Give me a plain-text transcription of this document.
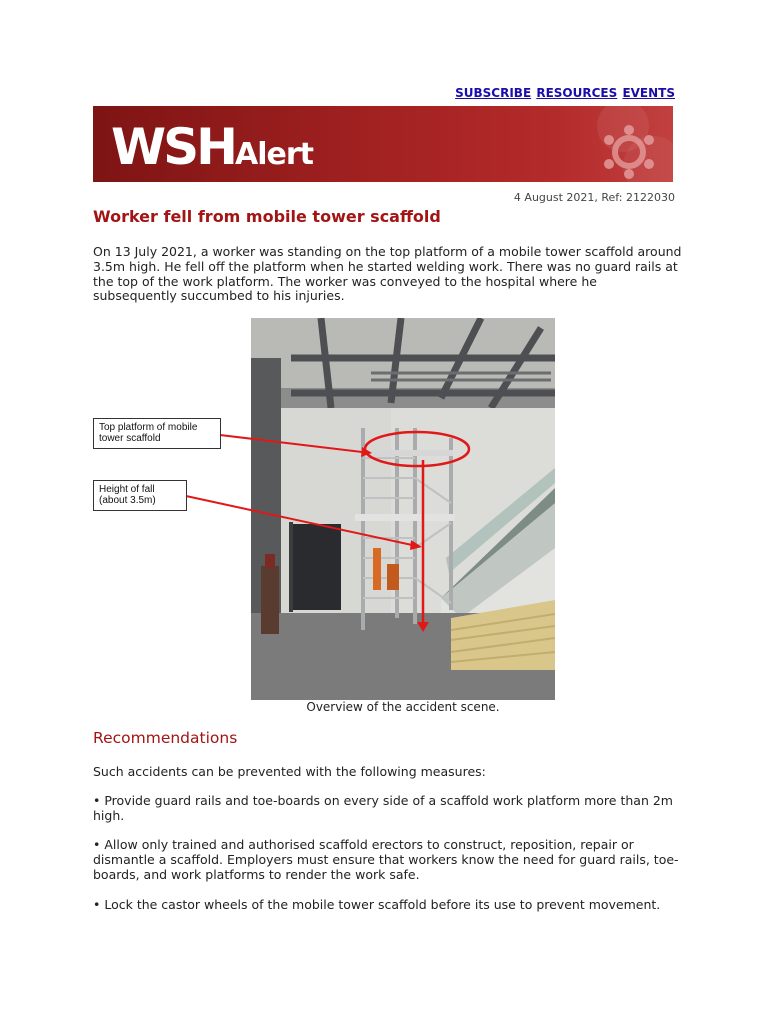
SUBSCRIBE RESOURCES EVENTS
WSHAlert
4 August 2021, Ref: 2122030
Worker fell from mobile tower scaffold

On 13 July 2021, a worker was standing on the top platform of a mobile tower scaffold around 3.5m high. He fell off the platform when he started welding work. There was no guard rails at the top of the work platform. The worker was conveyed to the hospital where he subsequently succumbed to his injuries.

Top platform of mobile tower scaffold
Height of fall (about 3.5m)
Overview of the accident scene.
Recommendations

Such accidents can be prevented with the following measures:

• Provide guard rails and toe-boards on every side of a scaffold work platform more than 2m high.

• Allow only trained and authorised scaffold erectors to construct, reposition, repair or dismantle a scaffold. Employers must ensure that workers know the need for guard rails, toe-boards, and work platforms to render the work safe.

• Lock the castor wheels of the mobile tower scaffold before its use to prevent movement.
